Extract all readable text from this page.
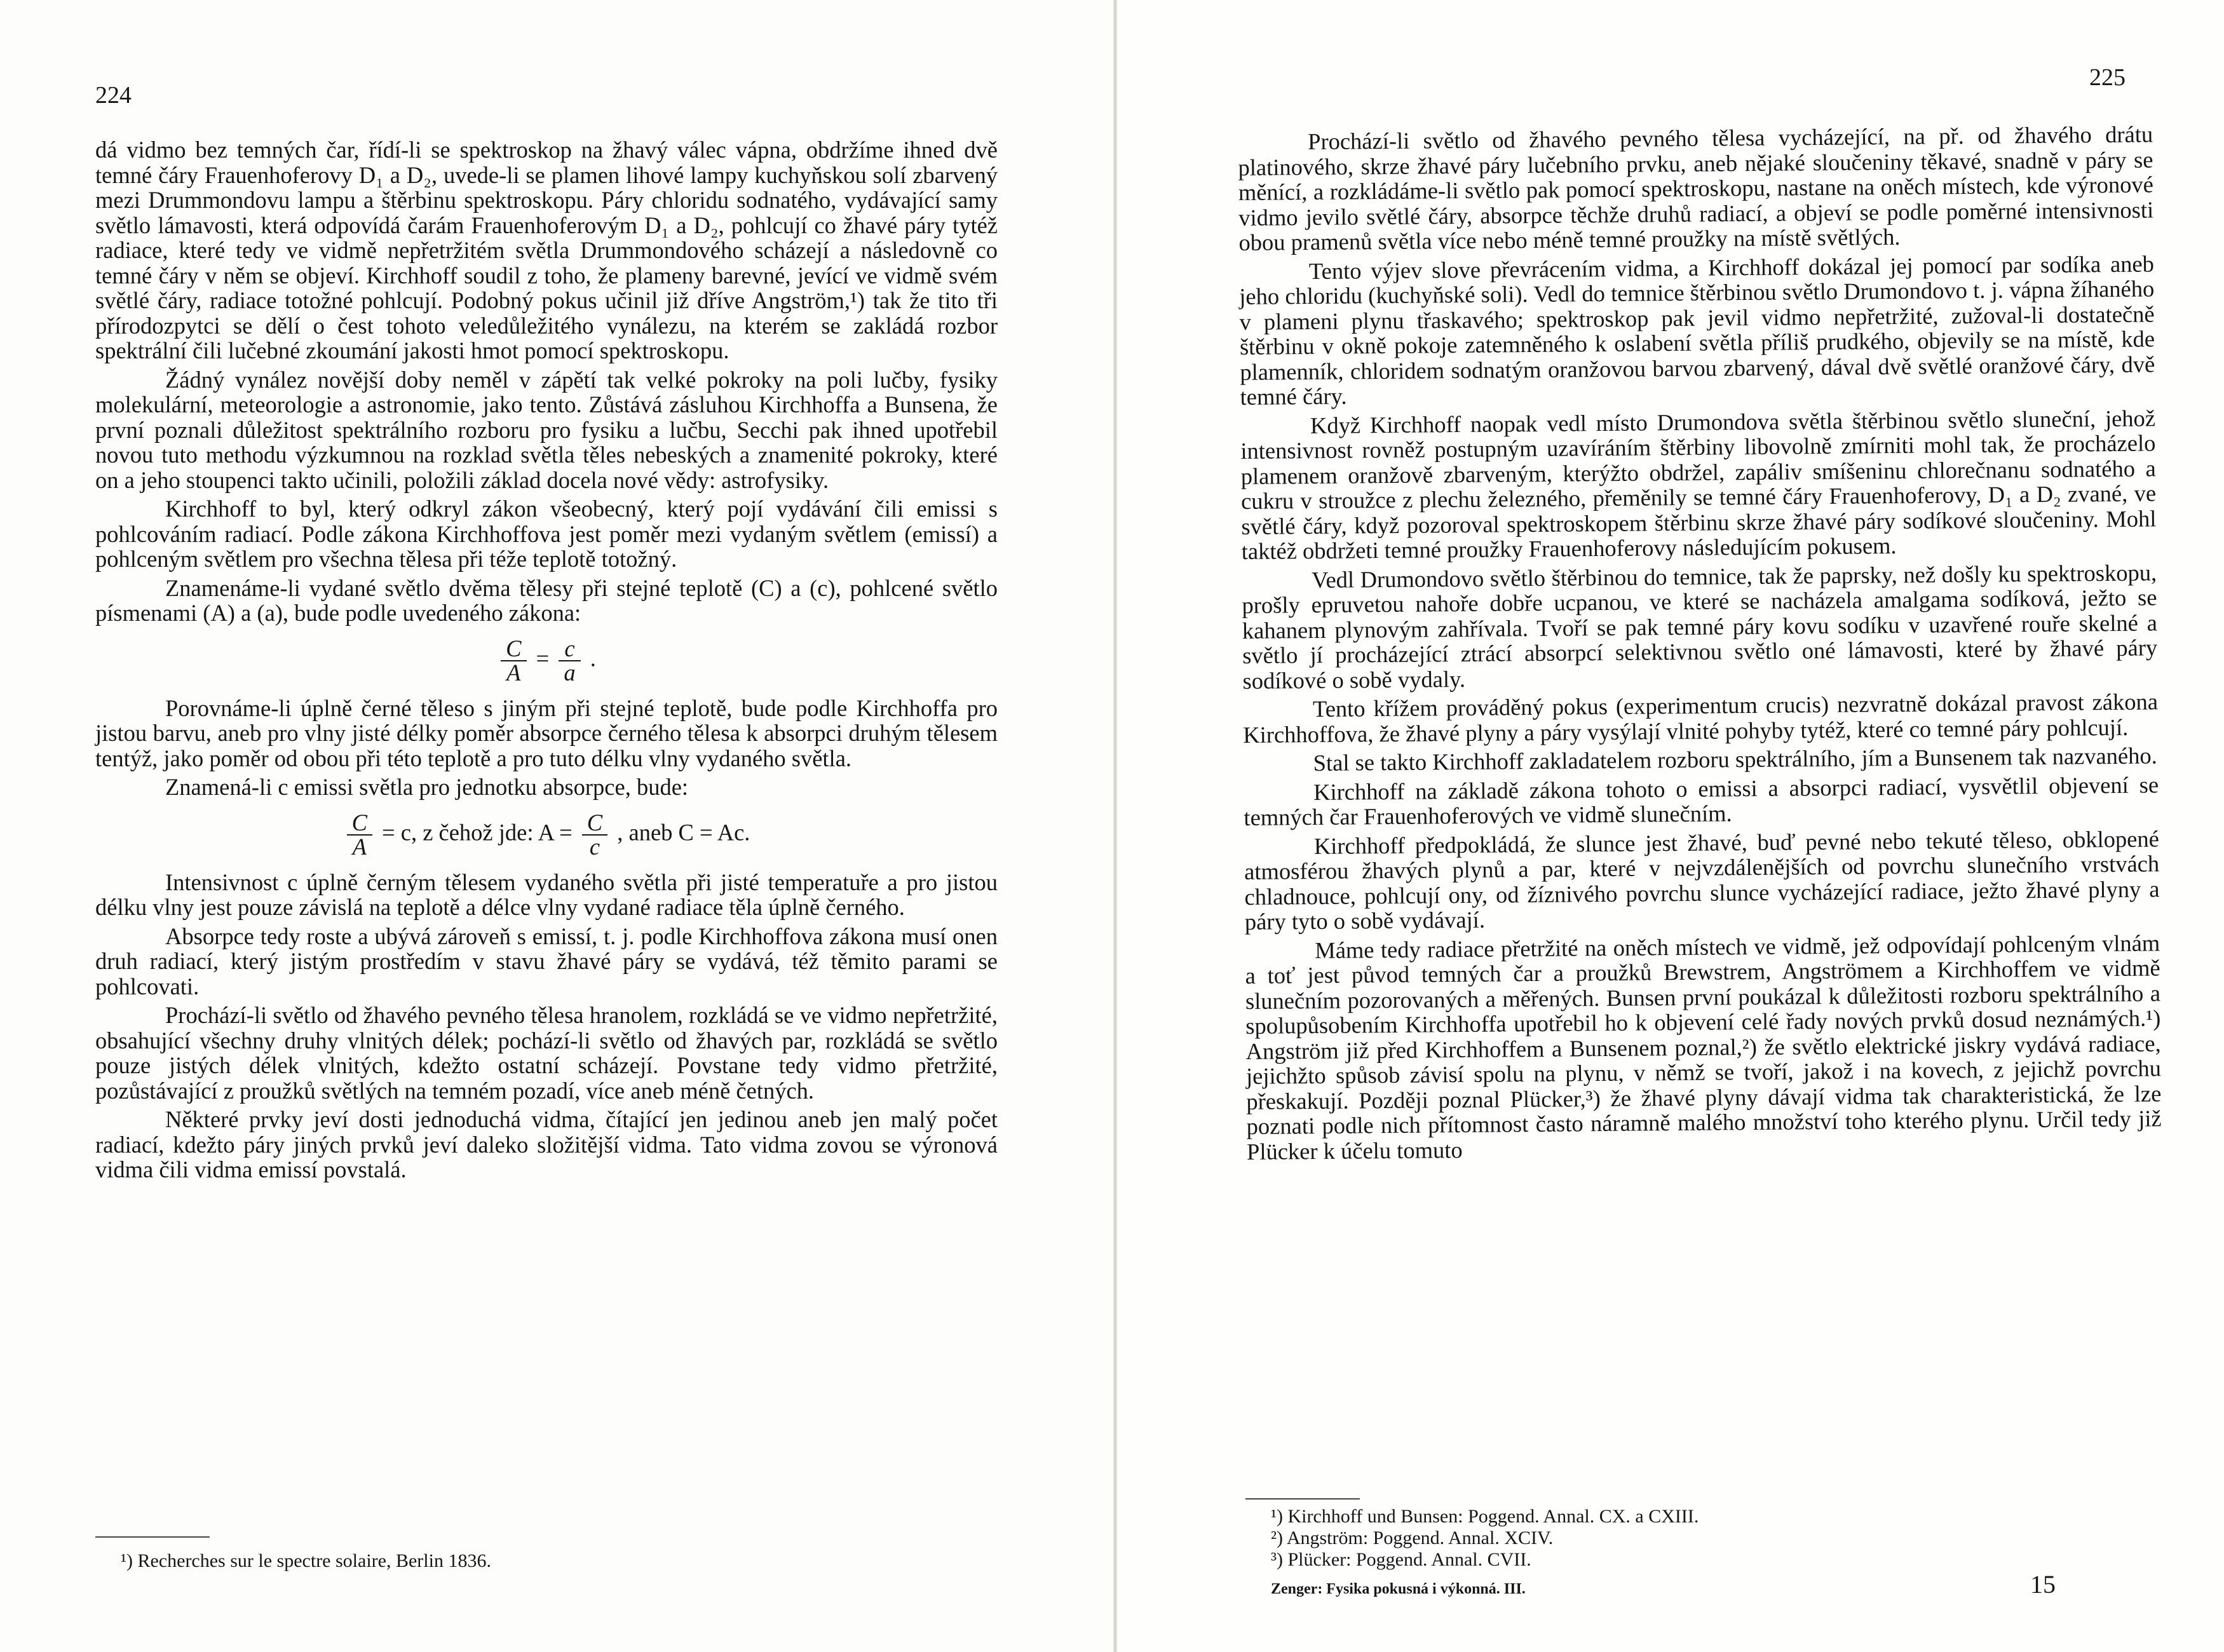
224

dá vidmo bez temných čar, řídí-li se spektroskop na žhavý válec vápna, obdržíme ihned dvě temné čáry Frauenhoferovy D₁ a D₂, uvede-li se plamen lihové lampy kuchyňskou solí zbarvený mezi Drummondovu lampu a štěrbinu spektroskopu. Páry chloridu sodnatého, vydávající samy světlo lámavosti, která odpovídá čarám Frauenhoferovým D₁ a D₂, pohlcují co žhavé páry tytéž radiace, které tedy ve vidmě nepřetržitém světla Drummondového scházejí a následovně co temné čáry v něm se objeví. Kirchhoff soudil z toho, že plameny barevné, jevící ve vidmě svém světlé čáry, radiace totožné pohlcují. Podobný pokus učinil již dříve Angström,¹) tak že tito tři přírodozpytci se dělí o čest tohoto veledůležitého vynálezu, na kterém se zakládá rozbor spektrální čili lučebné zkoumání jakosti hmot pomocí spektroskopu.

Žádný vynález novější doby neměl v zápětí tak velké pokroky na poli lučby, fysiky molekulární, meteorologie a astronomie, jako tento. Zůstává zásluhou Kirchhoffa a Bunsena, že první poznali důležitost spektrálního rozboru pro fysiku a lučbu, Secchi pak ihned upotřebil novou tuto methodu výzkumnou na rozklad světla těles nebeských a znamenité pokroky, které on a jeho stoupenci takto učinili, položili základ docela nové vědy: astrofysiky.

Kirchhoff to byl, který odkryl zákon všeobecný, který pojí vydávání čili emissi s pohlcováním radiací. Podle zákona Kirchhoffova jest poměr mezi vydaným světlem (emissí) a pohlceným světlem pro všechna tělesa při téže teplotě totožný.

Znamenáme-li vydané světlo dvěma tělesy při stejné teplotě (C) a (c), pohlcené světlo písmenami (A) a (a), bude podle uvedeného zákona:

$\frac{C}{A} = \frac{c}{a}$ .

Porovnáme-li úplně černé těleso s jiným při stejné teplotě, bude podle Kirchhoffa pro jistou barvu, aneb pro vlny jisté délky poměr absorpce černého tělesa k absorpci druhým tělesem tentýž, jako poměr od obou při této teplotě a pro tuto délku vlny vydaného světla.

Znamená-li c emissi světla pro jednotku absorpce, bude:

$\frac{C}{A} = c$, z čehož jde: $A = \frac{C}{c}$ , aneb C = Ac.

Intensivnost c úplně černým tělesem vydaného světla při jisté temperatuře a pro jistou délku vlny jest pouze závislá na teplotě a délce vlny vydané radiace těla úplně černého.

Absorpce tedy roste a ubývá zároveň s emissí, t. j. podle Kirchhoffova zákona musí onen druh radiací, který jistým prostředím v stavu žhavé páry se vydává, též těmito parami se pohlcovati.

Prochází-li světlo od žhavého pevného tělesa hranolem, rozkládá se ve vidmo nepřetržité, obsahující všechny druhy vlnitých délek; pochází-li světlo od žhavých par, rozkládá se světlo pouze jistých délek vlnitých, kdežto ostatní scházejí. Povstane tedy vidmo přetržité, pozůstávající z proužků světlých na temném pozadí, více aneb méně četných.

Některé prvky jeví dosti jednoduchá vidma, čítající jen jedinou aneb jen malý počet radiací, kdežto páry jiných prvků jeví daleko složitější vidma. Tato vidma zovou se výronová vidma čili vidma emissí povstalá.

¹) Recherches sur le spectre solaire, Berlin 1836.
225

Prochází-li světlo od žhavého pevného tělesa vycházející, na př. od žhavého drátu platinového, skrze žhavé páry lučebního prvku, aneb nějaké sloučeniny těkavé, snadně v páry se měnící, a rozkládáme-li světlo pak pomocí spektroskopu, nastane na oněch místech, kde výronové vidmo jevilo světlé čáry, absorpce těchže druhů radiací, a objeví se podle poměrné intensivnosti obou pramenů světla více nebo méně temné proužky na místě světlých.

Tento výjev slove převrácením vidma, a Kirchhoff dokázal jej pomocí par sodíka aneb jeho chloridu (kuchyňské soli). Vedl do temnice štěrbinou světlo Drumondovo t. j. vápna žíhaného v plameni plynu třaskavého; spektroskop pak jevil vidmo nepřetržité, zužoval-li dostatečně štěrbinu v okně pokoje zatemněného k oslabení světla příliš prudkého, objevily se na místě, kde plamenník, chloridem sodnatým oranžovou barvou zbarvený, dával dvě světlé oranžové čáry, dvě temné čáry.

Když Kirchhoff naopak vedl místo Drumondova světla štěrbinou světlo sluneční, jehož intensivnost rovněž postupným uzavíráním štěrbiny libovolně zmírniti mohl tak, že procházelo plamenem oranžově zbarveným, kterýžto obdržel, zapáliv smíšeninu chlorečnanu sodnatého a cukru v stroužce z plechu železného, přeměnily se temné čáry Frauenhoferovy, D₁ a D₂ zvané, ve světlé čáry, když pozoroval spektroskopem štěrbinu skrze žhavé páry sodíkové sloučeniny. Mohl taktéž obdržeti temné proužky Frauenhoferovy následujícím pokusem.

Vedl Drumondovo světlo štěrbinou do temnice, tak že paprsky, než došly ku spektroskopu, prošly epruvetou nahoře dobře ucpanou, ve které se nacházela amalgama sodíková, ježto se kahanem plynovým zahřívala. Tvoří se pak temné páry kovu sodíku v uzavřené rouře skelné a světlo jí procházející ztrácí absorpcí selektivnou světlo oné lámavosti, které by žhavé páry sodíkové o sobě vydaly.

Tento křížem prováděný pokus (experimentum crucis) nezvratně dokázal pravost zákona Kirchhoffova, že žhavé plyny a páry vysýlají vlnité pohyby tytéž, které co temné páry pohlcují.

Stal se takto Kirchhoff zakladatelem rozboru spektrálního, jím a Bunsenem tak nazvaného.

Kirchhoff na základě zákona tohoto o emissi a absorpci radiací, vysvětlil objevení se temných čar Frauenhoferových ve vidmě slunečním.

Kirchhoff předpokládá, že slunce jest žhavé, buď pevné nebo tekuté těleso, obklopené atmosférou žhavých plynů a par, které v nejvzdálenějších od povrchu slunečního vrstvách chladnouce, pohlcují ony, od žíznivého povrchu slunce vycházející radiace, ježto žhavé plyny a páry tyto o sobě vydávají.

Máme tedy radiace přetržité na oněch místech ve vidmě, jež odpovídají pohlceným vlnám a toť jest původ temných čar a proužků Brewstrem, Angströmem a Kirchhoffem ve vidmě slunečním pozorovaných a měřených. Bunsen první poukázal k důležitosti rozboru spektrálního a spolupůsobením Kirchhoffa upotřebil ho k objevení celé řady nových prvků dosud neznámých.¹) Angström již před Kirchhoffem a Bunsenem poznal,²) že světlo elektrické jiskry vydává radiace, jejichžto spůsob závisí spolu na plynu, v němž se tvoří, jakož i na kovech, z jejichž povrchu přeskakují. Později poznal Plücker,³) že žhavé plyny dávají vidma tak charakteristická, že lze poznati podle nich přítomnost často náramně malého množství toho kterého plynu. Určil tedy již Plücker k účelu tomuto

¹) Kirchhoff und Bunsen: Poggend. Annal. CX. a CXIII.
²) Angström: Poggend. Annal. XCIV.
³) Plücker: Poggend. Annal. CVII.
Zenger: Fysika pokusná i výkonná. III.	15
